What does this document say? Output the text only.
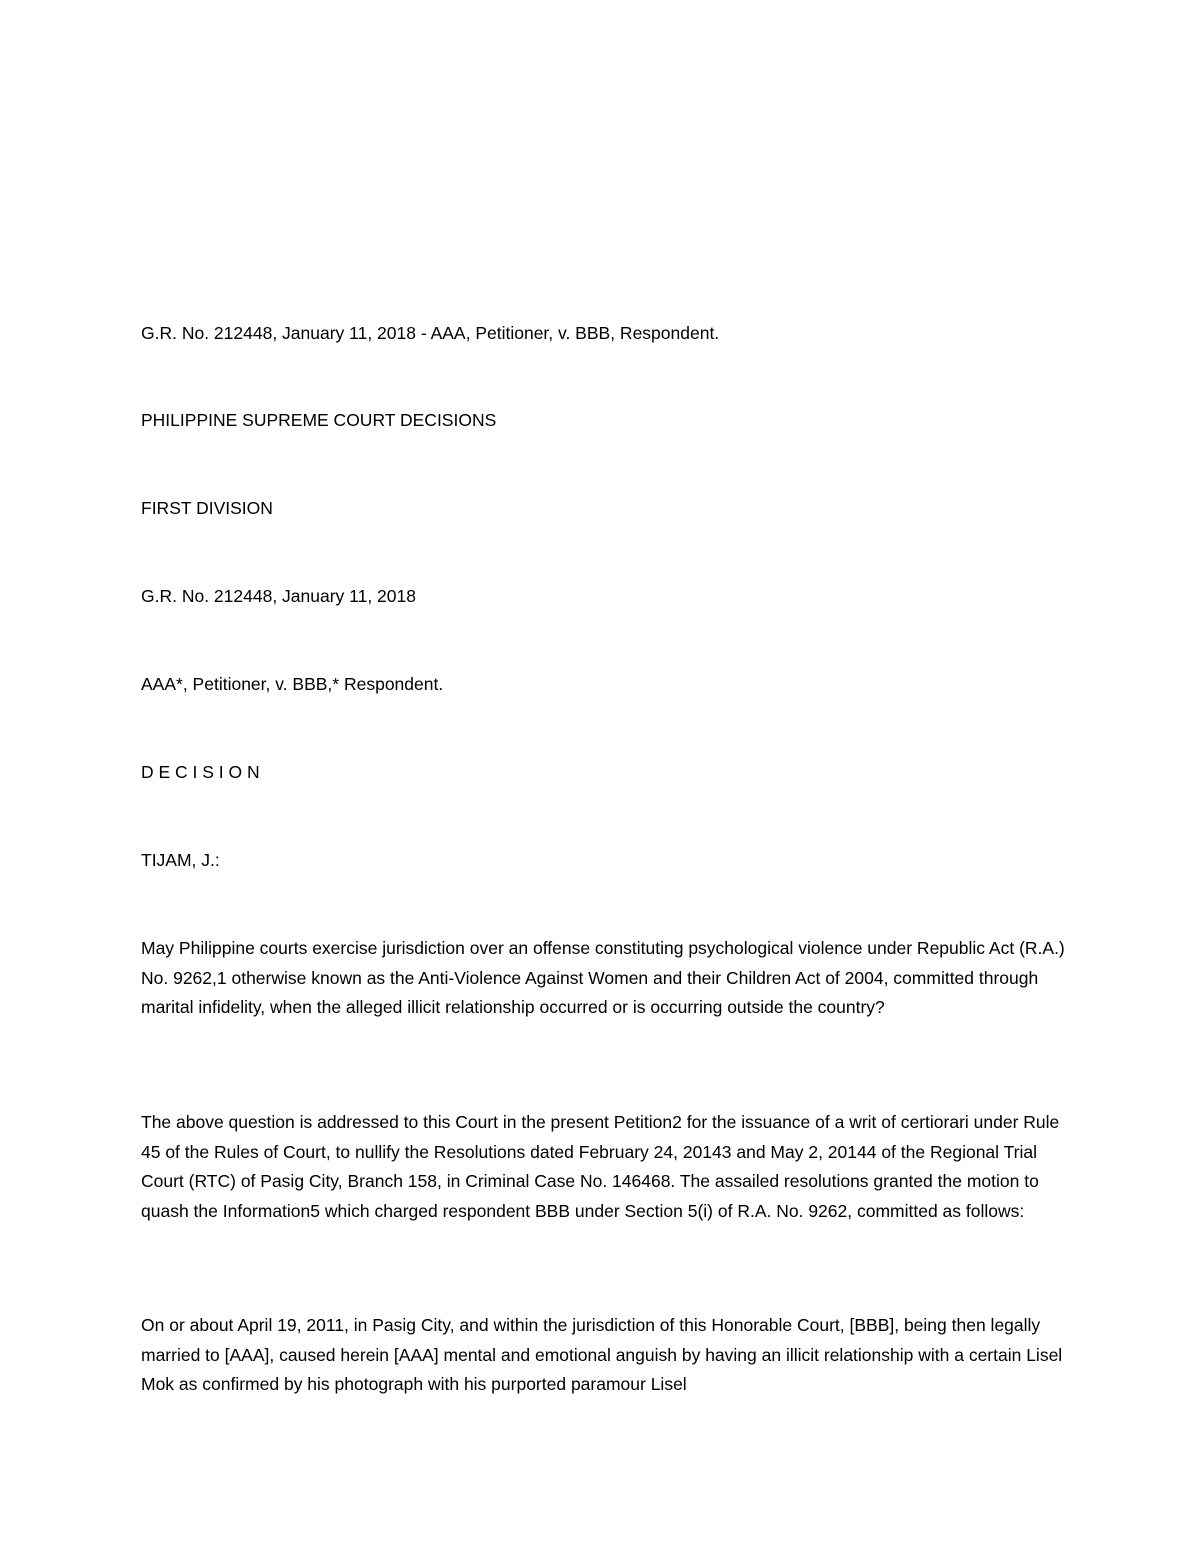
G.R. No. 212448, January 11, 2018 - AAA, Petitioner, v. BBB, Respondent.

PHILIPPINE SUPREME COURT DECISIONS

FIRST DIVISION

G.R. No. 212448, January 11, 2018

AAA*, Petitioner, v. BBB,* Respondent.

D E C I S I O N

TIJAM, J.:

May Philippine courts exercise jurisdiction over an offense constituting psychological violence under Republic Act (R.A.) No. 9262,1 otherwise known as the Anti-Violence Against Women and their Children Act of 2004, committed through marital infidelity, when the alleged illicit relationship occurred or is occurring outside the country?

The above question is addressed to this Court in the present Petition2 for the issuance of a writ of certiorari under Rule 45 of the Rules of Court, to nullify the Resolutions dated February 24, 20143 and May 2, 20144 of the Regional Trial Court (RTC) of Pasig City, Branch 158, in Criminal Case No. 146468. The assailed resolutions granted the motion to quash the Information5 which charged respondent BBB under Section 5(i) of R.A. No. 9262, committed as follows:

On or about April 19, 2011, in Pasig City, and within the jurisdiction of this Honorable Court, [BBB], being then legally married to [AAA], caused herein [AAA] mental and emotional anguish by having an illicit relationship with a certain Lisel Mok as confirmed by his photograph with his purported paramour Lisel
